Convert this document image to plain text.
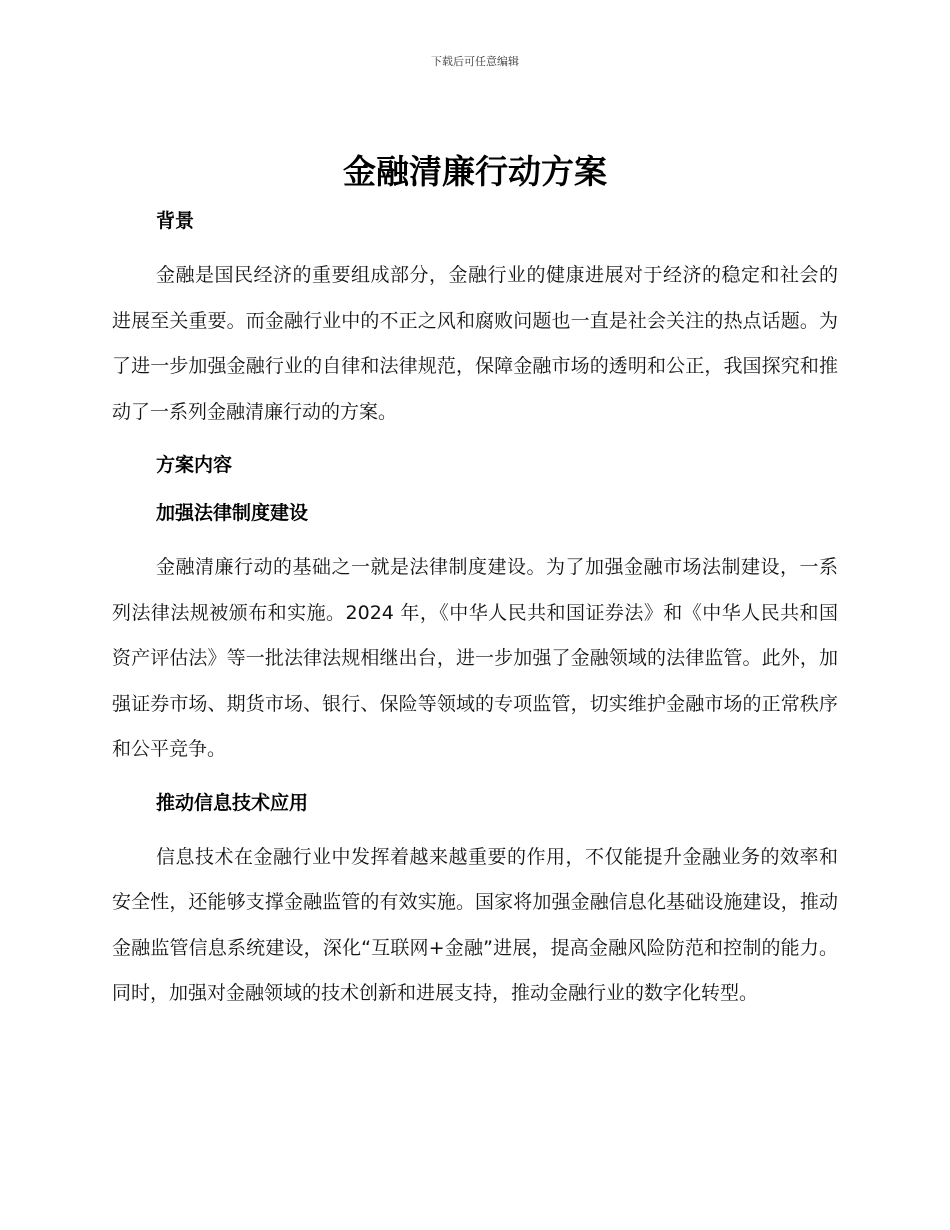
下载后可任意编辑
金融清廉行动方案
背景

金融是国民经济的重要组成部分，金融行业的健康进展对于经济的稳定和社会的进展至关重要。而金融行业中的不正之风和腐败问题也一直是社会关注的热点话题。为了进一步加强金融行业的自律和法律规范，保障金融市场的透明和公正，我国探究和推动了一系列金融清廉行动的方案。

方案内容
加强法律制度建设

金融清廉行动的基础之一就是法律制度建设。为了加强金融市场法制建设，一系列法律法规被颁布和实施。2024 年，《中华人民共和国证券法》和《中华人民共和国资产评估法》等一批法律法规相继出台，进一步加强了金融领域的法律监管。此外，加强证券市场、期货市场、银行、保险等领域的专项监管，切实维护金融市场的正常秩序和公平竞争。

推动信息技术应用

信息技术在金融行业中发挥着越来越重要的作用，不仅能提升金融业务的效率和安全性，还能够支撑金融监管的有效实施。国家将加强金融信息化基础设施建设，推动金融监管信息系统建设，深化“互联网+金融”进展，提高金融风险防范和控制的能力。同时，加强对金融领域的技术创新和进展支持，推动金融行业的数字化转型。
